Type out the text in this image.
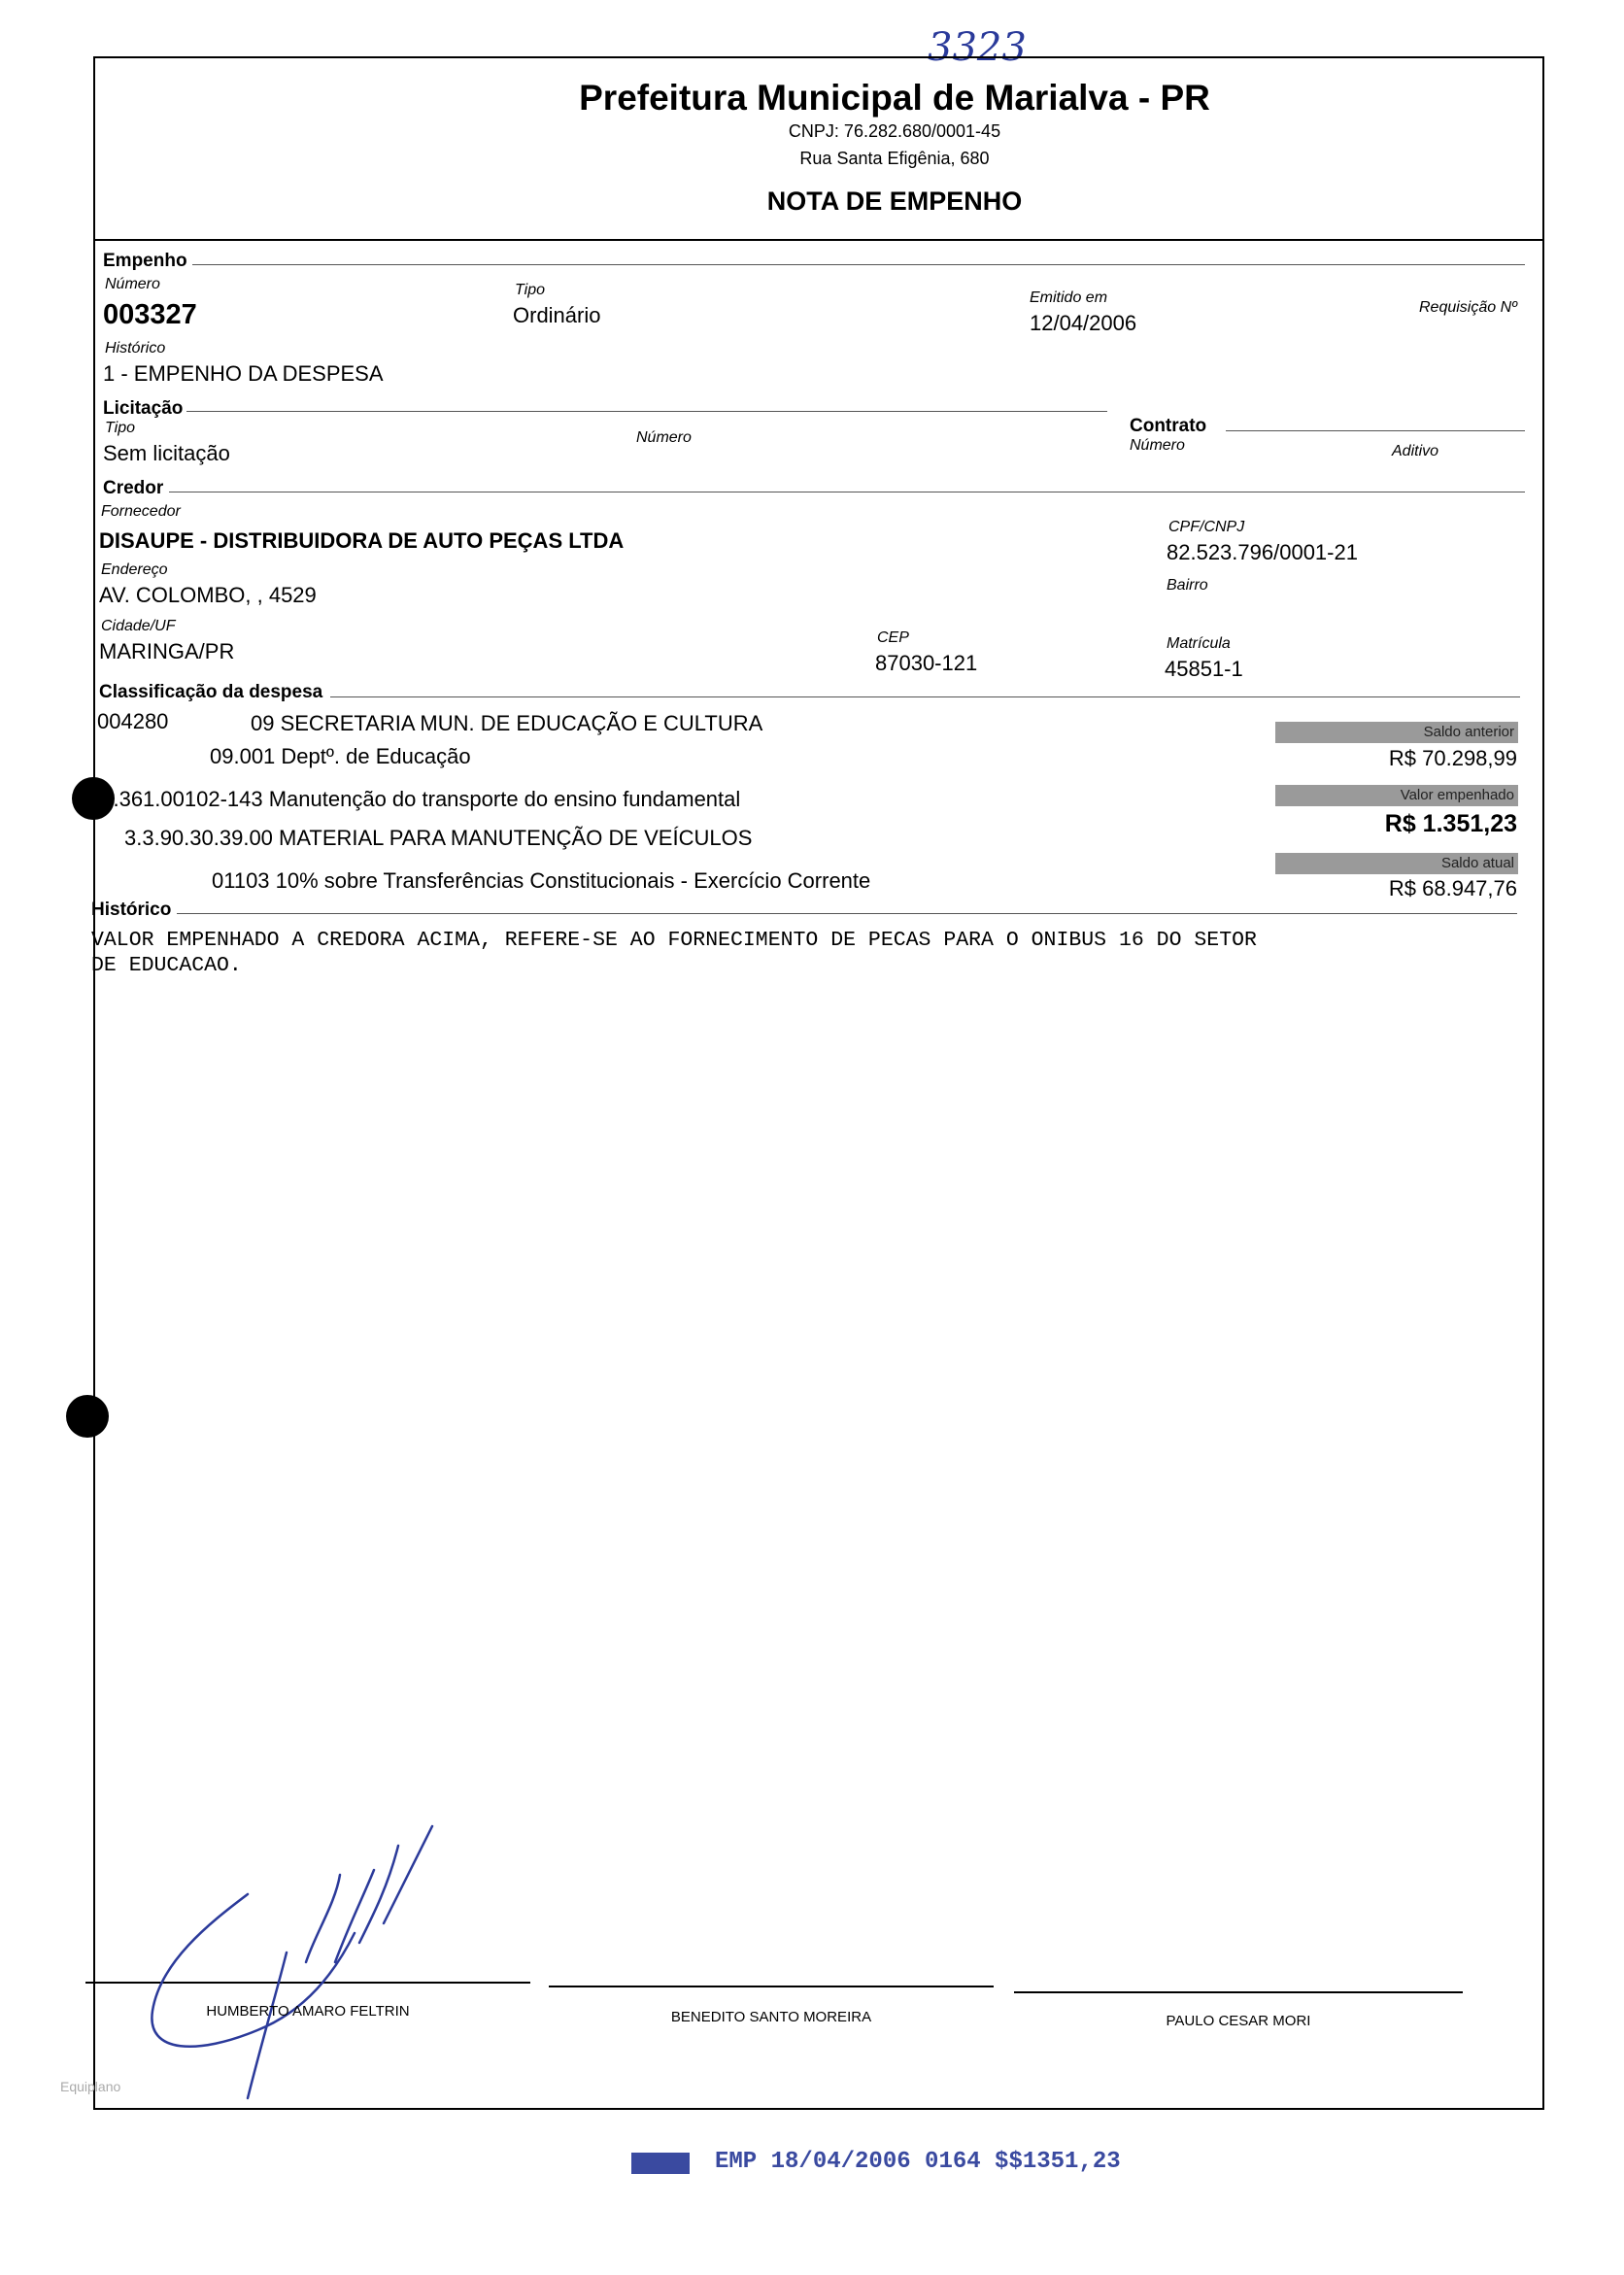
3323
Prefeitura Municipal de Marialva - PR
CNPJ: 76.282.680/0001-45
Rua Santa Efigênia, 680
NOTA DE EMPENHO
Empenho
Número
003327
Tipo
Ordinário
Emitido em
12/04/2006
Requisição Nº
Histórico
1 - EMPENHO DA DESPESA
Licitação
Tipo
Sem licitação
Número
Contrato
Número	Aditivo
Credor
Fornecedor
DISAUPE - DISTRIBUIDORA DE AUTO PEÇAS LTDA
CPF/CNPJ
82.523.796/0001-21
Endereço
AV. COLOMBO, , 4529	Bairro
Cidade/UF
MARINGA/PR
CEP
87030-121
Matrícula
45851-1
Classificação da despesa
004280	09 SECRETARIA MUN. DE EDUCAÇÃO E CULTURA
09.001 Deptº. de Educação
12.361.00102-143 Manutenção do transporte do ensino fundamental
3.3.90.30.39.00 MATERIAL PARA MANUTENÇÃO DE VEÍCULOS
01103 10% sobre Transferências Constitucionais - Exercício Corrente
Saldo anterior
R$ 70.298,99
Valor empenhado
R$ 1.351,23
Saldo atual
R$ 68.947,76
Histórico
VALOR EMPENHADO A CREDORA ACIMA, REFERE-SE AO FORNECIMENTO DE PECAS PARA O ONIBUS 16 DO SETOR
DE EDUCACAO.
HUMBERTO AMARO FELTRIN	BENEDITO SANTO MOREIRA	PAULO CESAR MORI
Equiplano
EMP 18/04/2006 0164 $$1351,23
